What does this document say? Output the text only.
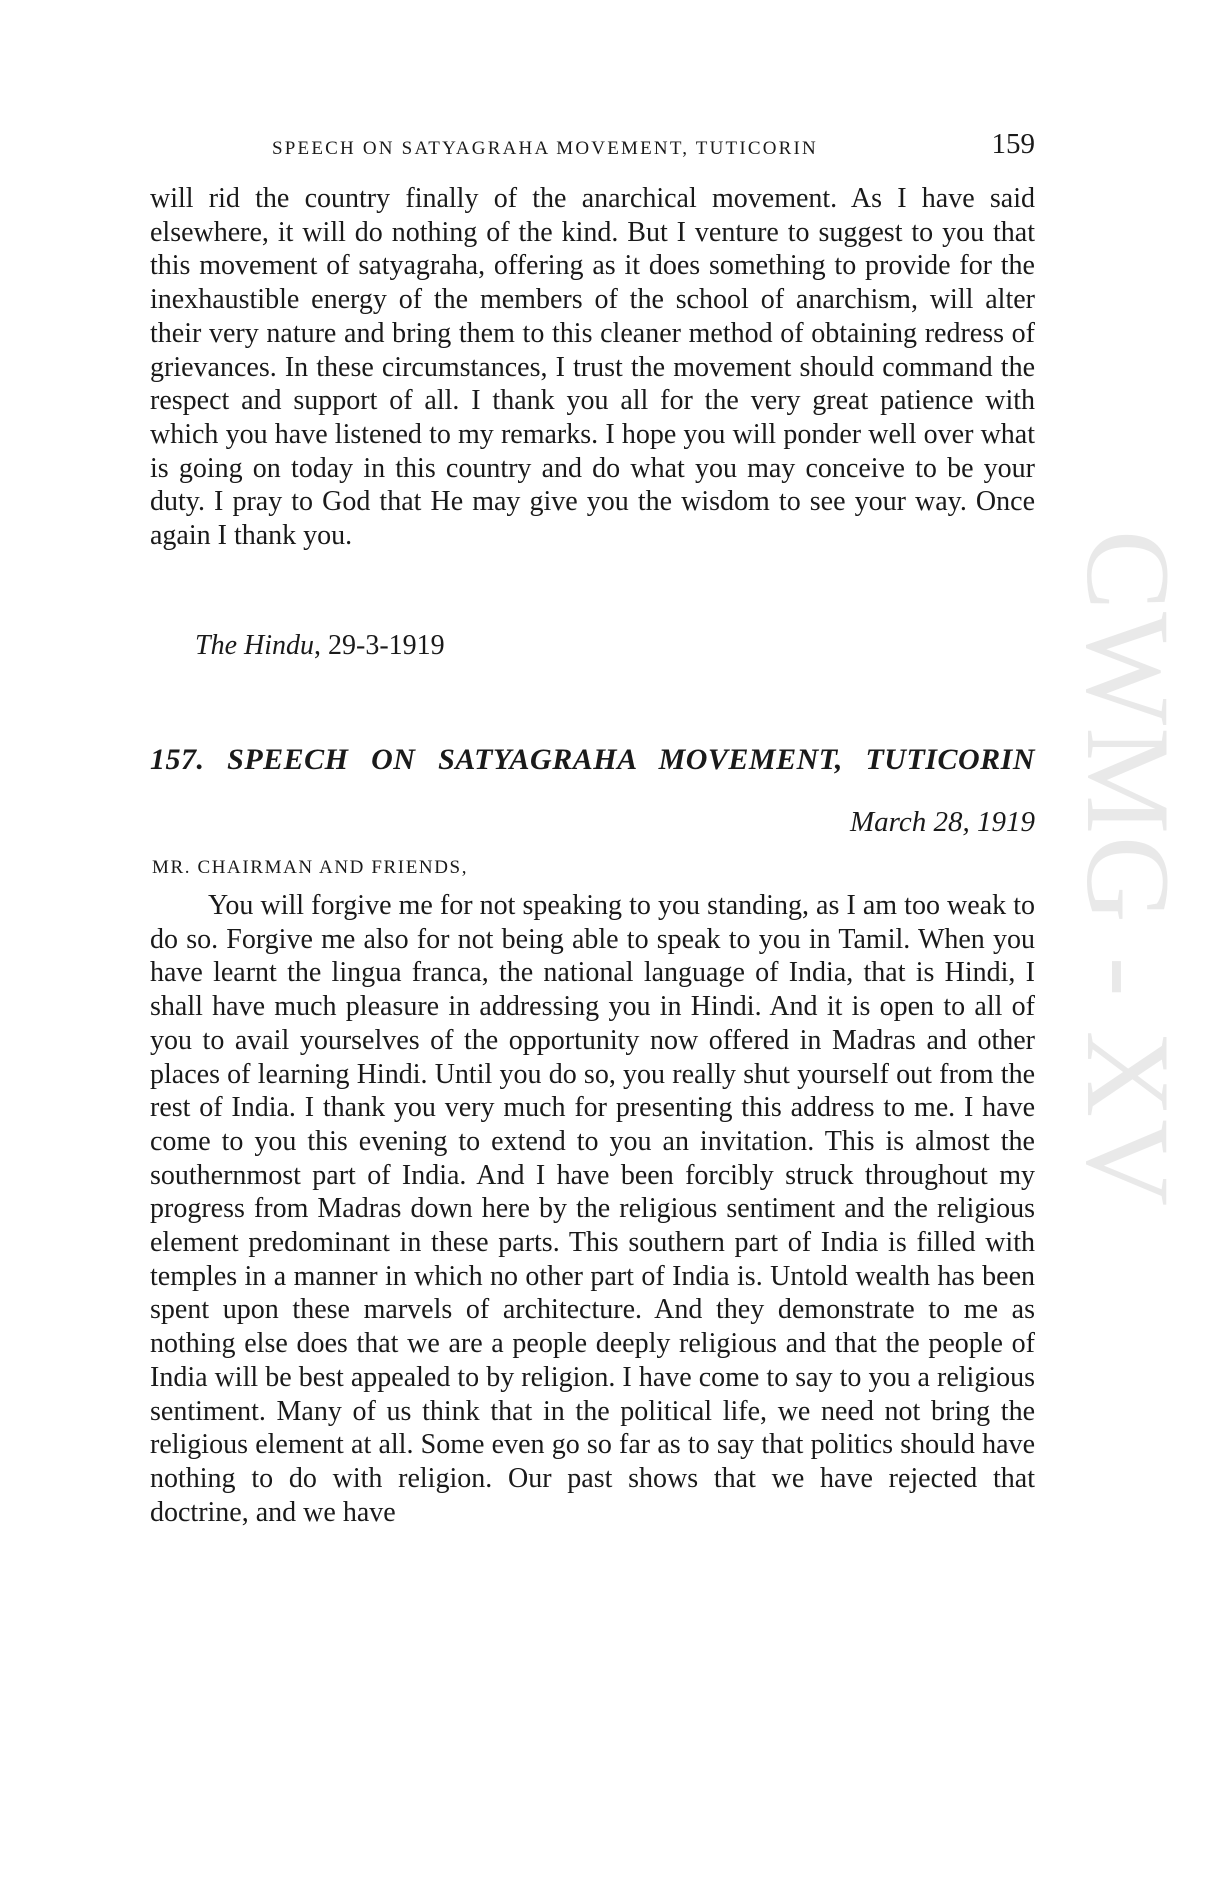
CWMG - XV
SPEECH ON SATYAGRAHA MOVEMENT, TUTICORIN	159

will rid the country finally of the anarchical movement. As I have said elsewhere, it will do nothing of the kind. But I venture to suggest to you that this movement of satyagraha, offering as it does something to provide for the inexhaustible energy of the members of the school of anarchism, will alter their very nature and bring them to this cleaner method of obtaining redress of grievances. In these circumstances, I trust the movement should command the respect and support of all. I thank you all for the very great patience with which you have listened to my remarks. I hope you will ponder well over what is going on today in this country and do what you may conceive to be your duty. I pray to God that He may give you the wisdom to see your way. Once again I thank you.

The Hindu, 29-3-1919

157. SPEECH ON SATYAGRAHA MOVEMENT, TUTICORIN

March 28, 1919

MR. CHAIRMAN AND FRIENDS,

You will forgive me for not speaking to you standing, as I am too weak to do so. Forgive me also for not being able to speak to you in Tamil. When you have learnt the lingua franca, the national language of India, that is Hindi, I shall have much pleasure in addressing you in Hindi. And it is open to all of you to avail yourselves of the opportunity now offered in Madras and other places of learning Hindi. Until you do so, you really shut yourself out from the rest of India. I thank you very much for presenting this address to me. I have come to you this evening to extend to you an invitation. This is almost the southernmost part of India. And I have been forcibly struck throughout my progress from Madras down here by the religious sentiment and the religious element predominant in these parts. This southern part of India is filled with temples in a manner in which no other part of India is. Untold wealth has been spent upon these marvels of architecture. And they demonstrate to me as nothing else does that we are a people deeply religious and that the people of India will be best appealed to by religion. I have come to say to you a religious sentiment. Many of us think that in the political life, we need not bring the religious element at all. Some even go so far as to say that politics should have nothing to do with religion. Our past shows that we have rejected that doctrine, and we have
